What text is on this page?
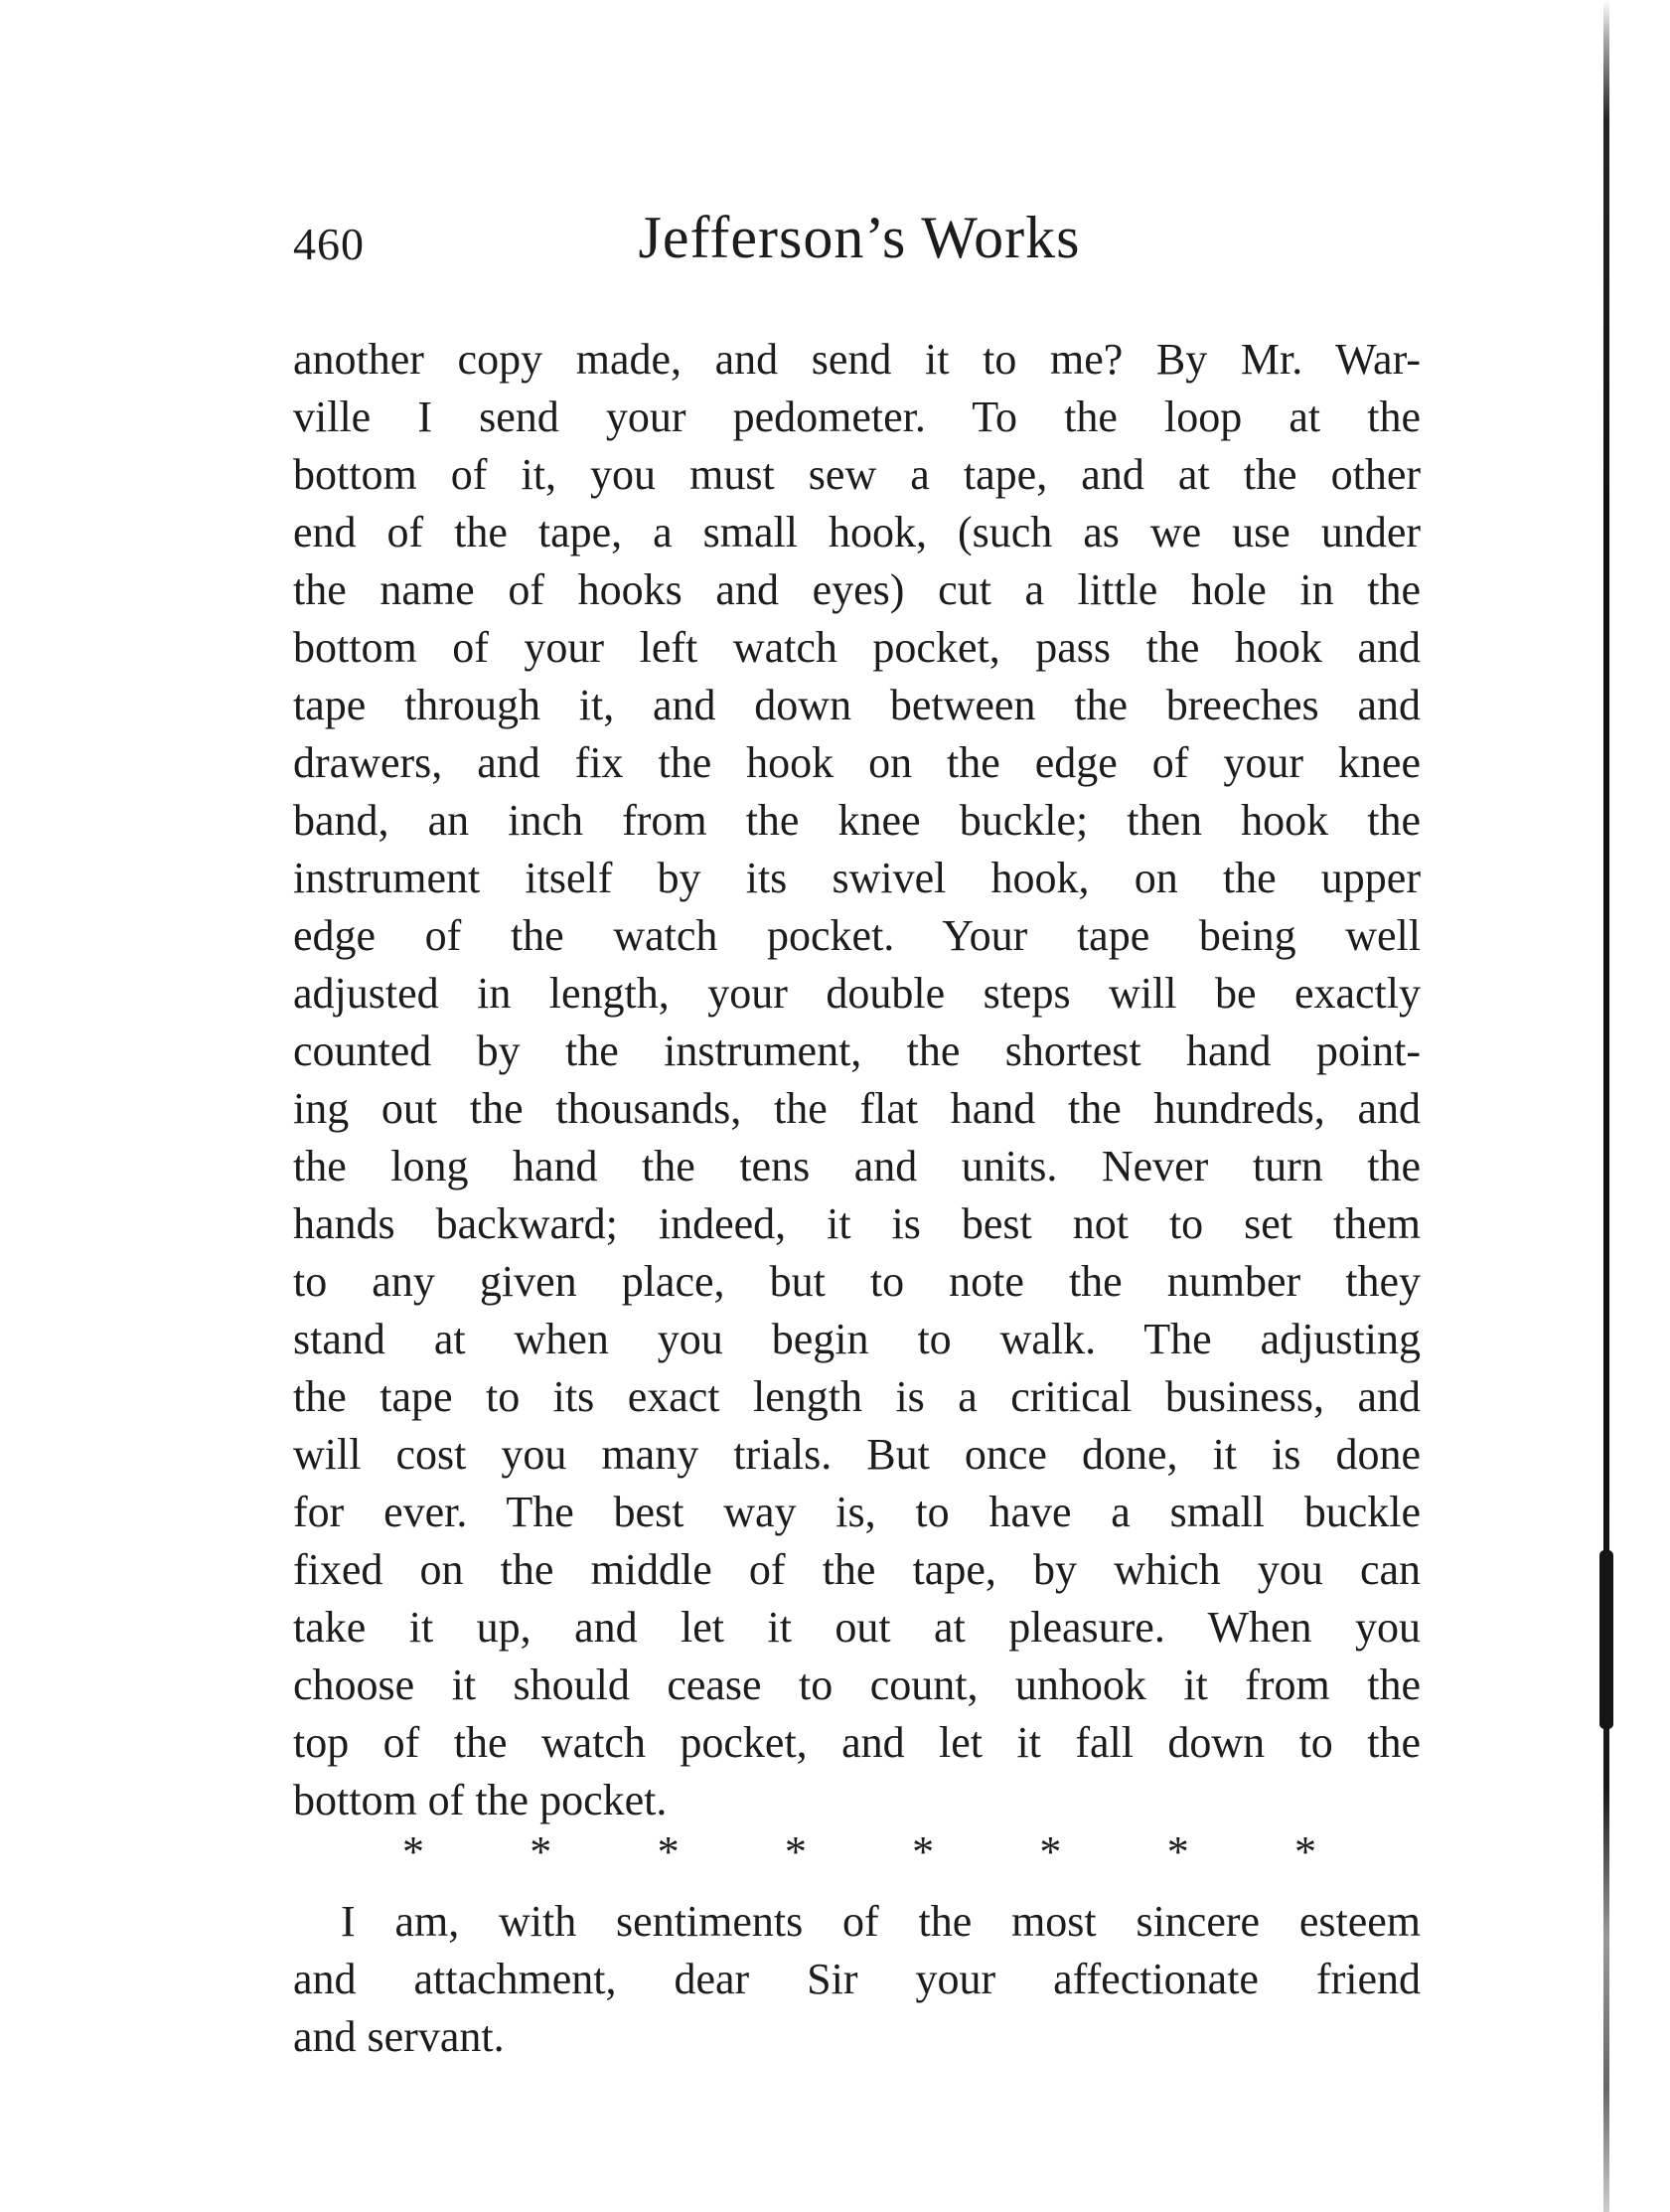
460	Jefferson’s Works
another copy made, and send it to me? By Mr. War-
ville I send your pedometer. To the loop at the
bottom of it, you must sew a tape, and at the other
end of the tape, a small hook, (such as we use under
the name of hooks and eyes) cut a little hole in the
bottom of your left watch pocket, pass the hook and
tape through it, and down between the breeches and
drawers, and fix the hook on the edge of your knee
band, an inch from the knee buckle; then hook the
instrument itself by its swivel hook, on the upper
edge of the watch pocket. Your tape being well
adjusted in length, your double steps will be exactly
counted by the instrument, the shortest hand point-
ing out the thousands, the flat hand the hundreds, and
the long hand the tens and units. Never turn the
hands backward; indeed, it is best not to set them
to any given place, but to note the number they
stand at when you begin to walk. The adjusting
the tape to its exact length is a critical business, and
will cost you many trials. But once done, it is done
for ever. The best way is, to have a small buckle
fixed on the middle of the tape, by which you can
take it up, and let it out at pleasure. When you
choose it should cease to count, unhook it from the
top of the watch pocket, and let it fall down to the
bottom of the pocket.
* * * * * * * *
I am, with sentiments of the most sincere esteem
and attachment, dear Sir your affectionate friend
and servant.
